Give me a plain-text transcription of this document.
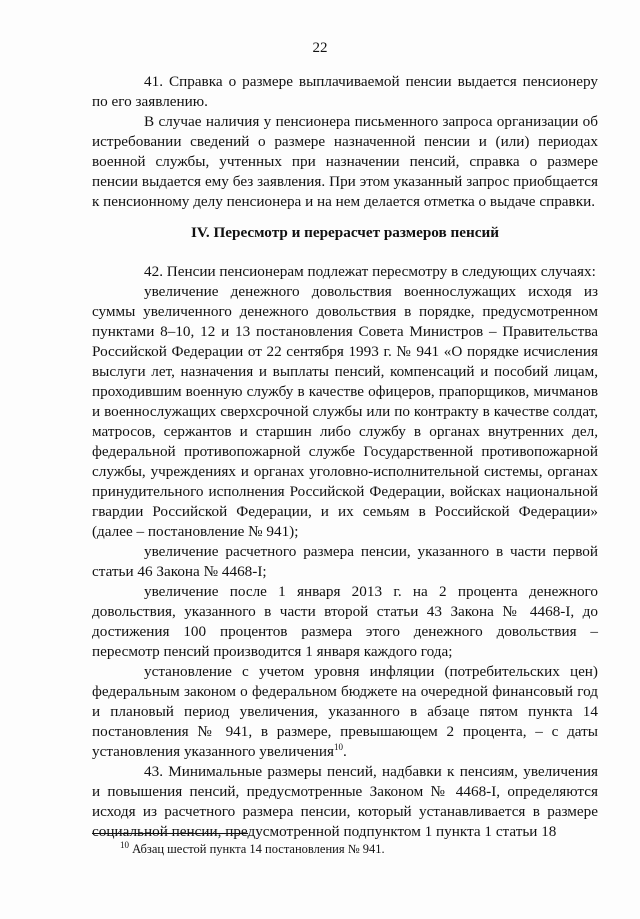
22

41. Справка о размере выплачиваемой пенсии выдается пенсионеру по его заявлению.

В случае наличия у пенсионера письменного запроса организации об истребовании сведений о размере назначенной пенсии и (или) периодах военной службы, учтенных при назначении пенсий, справка о размере пенсии выдается ему без заявления. При этом указанный запрос приобщается к пенсионному делу пенсионера и на нем делается отметка о выдаче справки.

IV. Пересмотр и перерасчет размеров пенсий

42. Пенсии пенсионерам подлежат пересмотру в следующих случаях:

увеличение денежного довольствия военнослужащих исходя из суммы увеличенного денежного довольствия в порядке, предусмотренном пунктами 8–10, 12 и 13 постановления Совета Министров – Правительства Российской Федерации от 22 сентября 1993 г. № 941 «О порядке исчисления выслуги лет, назначения и выплаты пенсий, компенсаций и пособий лицам, проходившим военную службу в качестве офицеров, прапорщиков, мичманов и военнослужащих сверхсрочной службы или по контракту в качестве солдат, матросов, сержантов и старшин либо службу в органах внутренних дел, федеральной противопожарной службе Государственной противопожарной службы, учреждениях и органах уголовно-исполнительной системы, органах принудительного исполнения Российской Федерации, войсках национальной гвардии Российской Федерации, и их семьям в Российской Федерации» (далее – постановление № 941);

увеличение расчетного размера пенсии, указанного в части первой статьи 46 Закона № 4468-I;

увеличение после 1 января 2013 г. на 2 процента денежного довольствия, указанного в части второй статьи 43 Закона № 4468-I, до достижения 100 процентов размера этого денежного довольствия – пересмотр пенсий производится 1 января каждого года;

установление с учетом уровня инфляции (потребительских цен) федеральным законом о федеральном бюджете на очередной финансовый год и плановый период увеличения, указанного в абзаце пятом пункта 14 постановления № 941, в размере, превышающем 2 процента, – с даты установления указанного увеличения$^{10}$.

43. Минимальные размеры пенсий, надбавки к пенсиям, увеличения и повышения пенсий, предусмотренные Законом № 4468-I, определяются исходя из расчетного размера пенсии, который устанавливается в размере социальной пенсии, предусмотренной подпунктом 1 пункта 1 статьи 18

$^{10}$ Абзац шестой пункта 14 постановления № 941.
